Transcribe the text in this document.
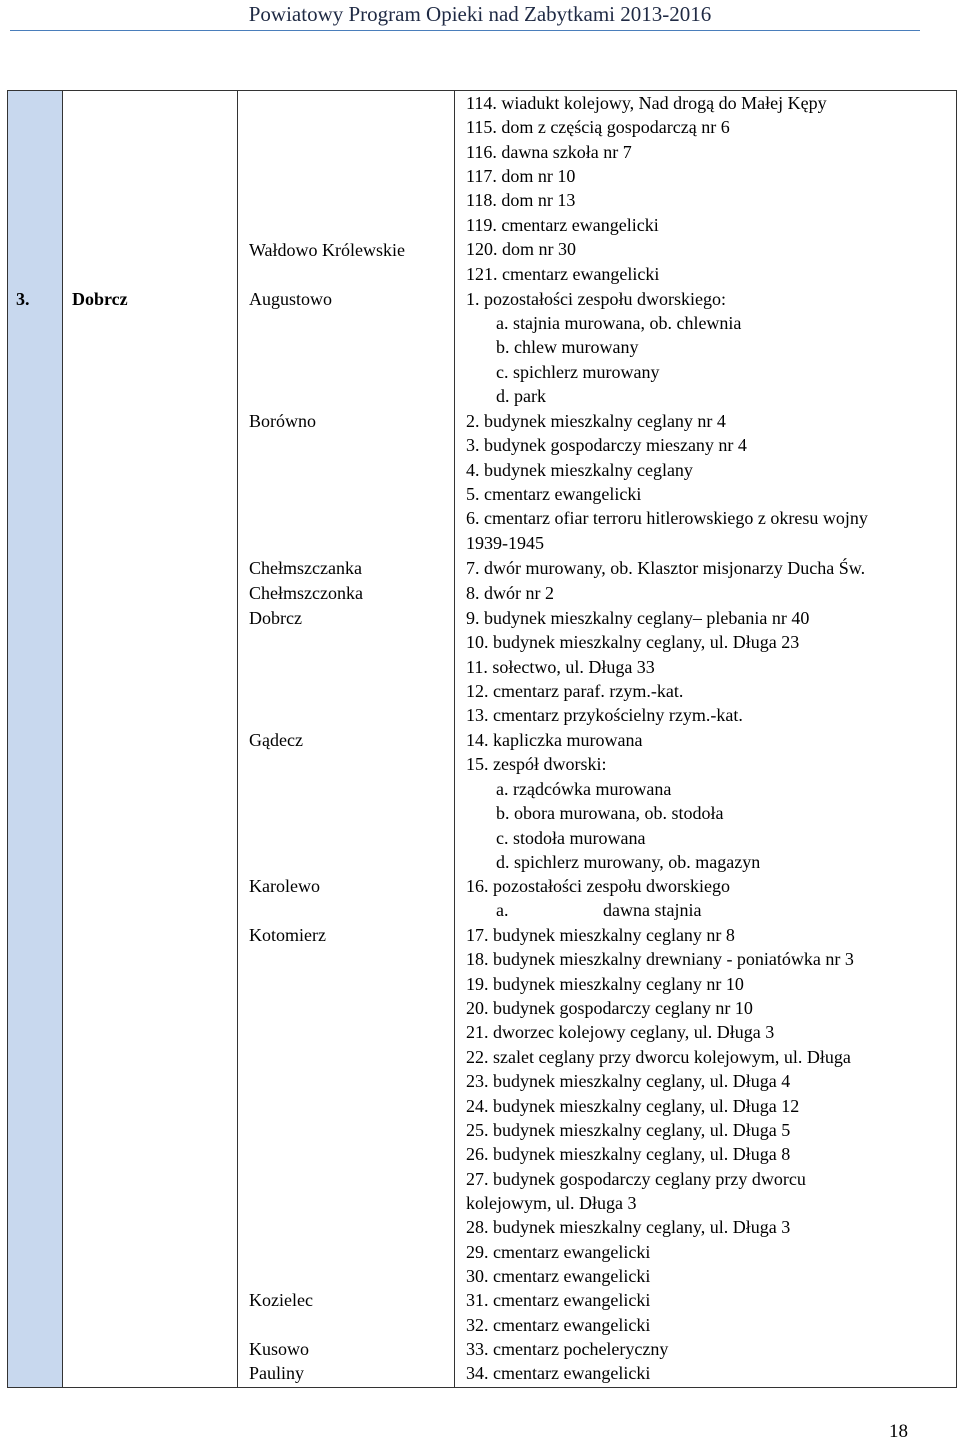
Powiatowy Program Opieki nad Zabytkami 2013-2016
3. Dobrcz
Wałdowo Królewskie
Augustowo
Borówno
Chełmszczanka
Chełmszczonka
Dobrcz
Gądecz
Karolewo
Kotomierz
Kozielec
Kusowo
Pauliny
114. wiadukt kolejowy, Nad drogą do Małej Kępy
115. dom z częścią gospodarczą nr 6
116. dawna szkoła nr 7
117. dom nr 10
118. dom nr 13
119. cmentarz ewangelicki
120. dom nr 30
121. cmentarz ewangelicki
1. pozostałości zespołu dworskiego:
a. stajnia murowana, ob. chlewnia
b. chlew murowany
c. spichlerz murowany
d. park
2. budynek mieszkalny ceglany nr 4
3. budynek gospodarczy mieszany nr 4
4. budynek mieszkalny ceglany
5. cmentarz ewangelicki
6. cmentarz ofiar terroru hitlerowskiego z okresu wojny
1939-1945
7. dwór murowany, ob. Klasztor misjonarzy Ducha Św.
8. dwór nr 2
9. budynek mieszkalny ceglany– plebania nr 40
10. budynek mieszkalny ceglany, ul. Długa 23
11. sołectwo, ul. Długa 33
12. cmentarz paraf. rzym.-kat.
13. cmentarz przykościelny rzym.-kat.
14. kapliczka murowana
15. zespół dworski:
a. rządcówka murowana
b. obora murowana, ob. stodoła
c. stodoła murowana
d. spichlerz murowany, ob. magazyn
16. pozostałości zespołu dworskiego
a.	dawna stajnia
17. budynek mieszkalny ceglany nr 8
18. budynek mieszkalny drewniany - poniatówka nr 3
19. budynek mieszkalny ceglany nr 10
20. budynek gospodarczy ceglany nr 10
21. dworzec kolejowy ceglany, ul. Długa 3
22. szalet ceglany przy dworcu kolejowym, ul. Długa
23. budynek mieszkalny ceglany, ul. Długa 4
24. budynek mieszkalny ceglany, ul. Długa 12
25. budynek mieszkalny ceglany, ul. Długa 5
26. budynek mieszkalny ceglany, ul. Długa 8
27. budynek gospodarczy ceglany przy dworcu
kolejowym, ul. Długa 3
28. budynek mieszkalny ceglany, ul. Długa 3
29. cmentarz ewangelicki
30. cmentarz ewangelicki
31. cmentarz ewangelicki
32. cmentarz ewangelicki
33. cmentarz pocheleryczny
34. cmentarz ewangelicki
18
